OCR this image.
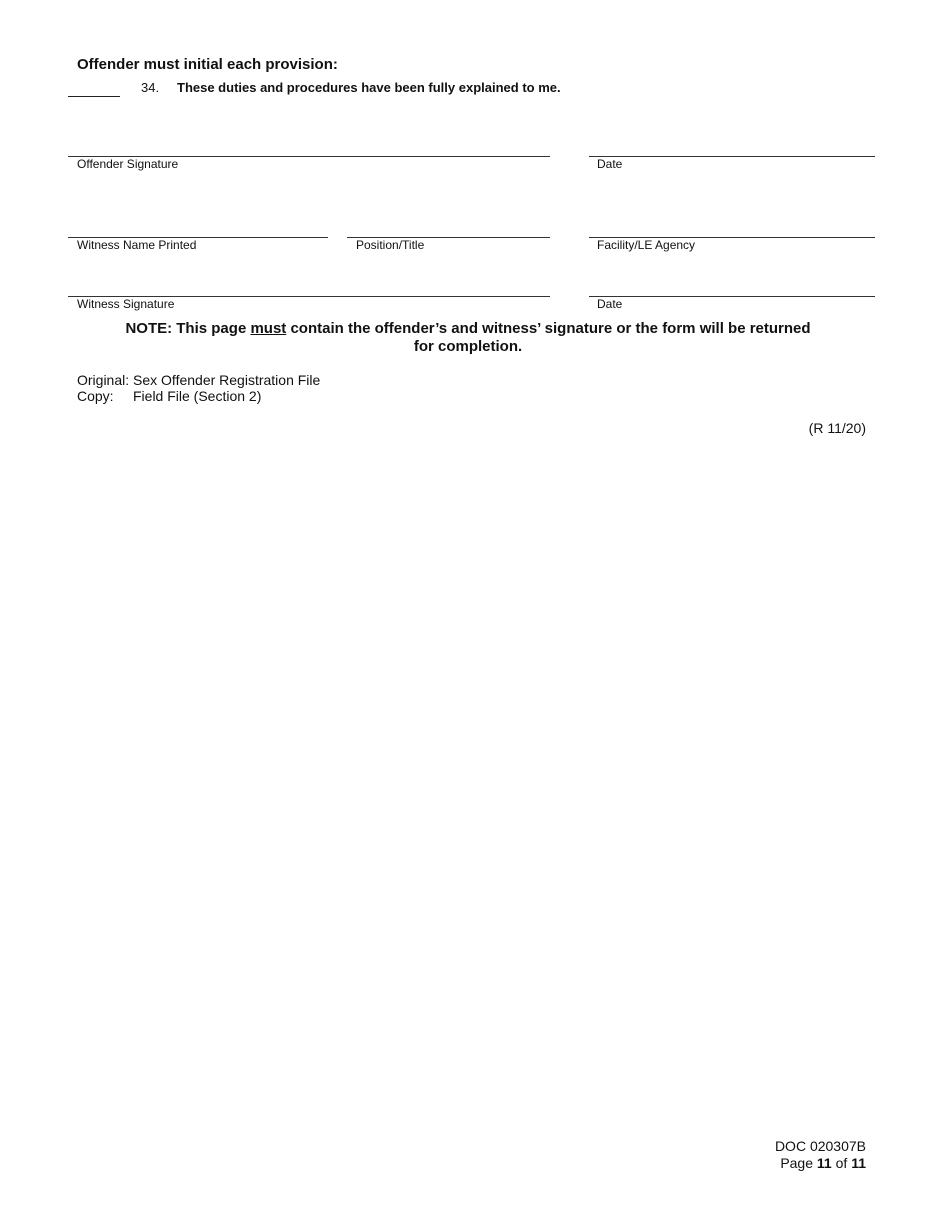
Offender must initial each provision:
34. These duties and procedures have been fully explained to me.
Offender Signature	Date
Witness Name Printed	Position/Title	Facility/LE Agency
Witness Signature	Date
NOTE: This page must contain the offender’s and witness’ signature or the form will be returned for completion.
Original: Sex Offender Registration File
Copy: Field File (Section 2)
(R 11/20)
DOC 020307B
Page 11 of 11
